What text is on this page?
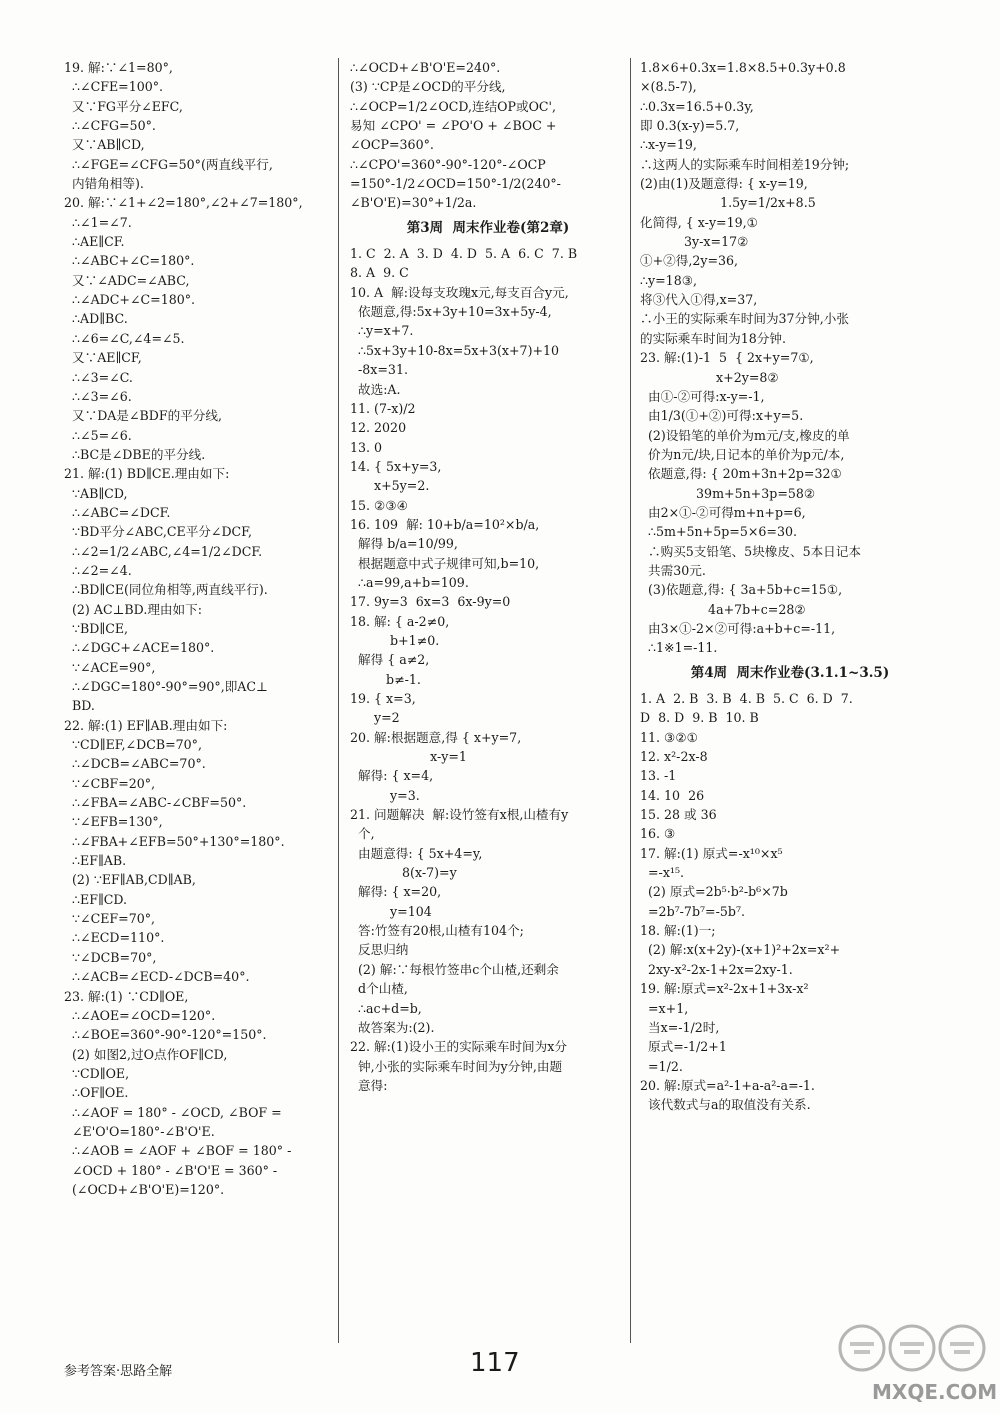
19. 解:∵∠1=80°,
∴∠CFE=100°.
又∵FG平分∠EFC,
∴∠CFG=50°.
又∵AB∥CD,
∴∠FGE=∠CFG=50°(两直线平行,
内错角相等).
20. 解:∵∠1+∠2=180°,∠2+∠7=180°,
∴∠1=∠7.
∴AE∥CF.
∴∠ABC+∠C=180°.
又∵∠ADC=∠ABC,
∴∠ADC+∠C=180°.
∴AD∥BC.
∴∠6=∠C,∠4=∠5.
又∵AE∥CF,
∴∠3=∠C.
∴∠3=∠6.
又∵DA是∠BDF的平分线,
∴∠5=∠6.
∴BC是∠DBE的平分线.
21. 解:(1) BD∥CE.理由如下:
∵AB∥CD,
∴∠ABC=∠DCF.
∵BD平分∠ABC,CE平分∠DCF,
∴∠2=1/2∠ABC,∠4=1/2∠DCF.
∴∠2=∠4.
∴BD∥CE(同位角相等,两直线平行).
(2) AC⊥BD.理由如下:
∵BD∥CE,
∴∠DGC+∠ACE=180°.
∵∠ACE=90°,
∴∠DGC=180°-90°=90°,即AC⊥
BD.
22. 解:(1) EF∥AB.理由如下:
∵CD∥EF,∠DCB=70°,
∴∠DCB=∠ABC=70°.
∵∠CBF=20°,
∴∠FBA=∠ABC-∠CBF=50°.
∵∠EFB=130°,
∴∠FBA+∠EFB=50°+130°=180°.
∴EF∥AB.
(2) ∵EF∥AB,CD∥AB,
∴EF∥CD.
∵∠CEF=70°,
∴∠ECD=110°.
∵∠DCB=70°,
∴∠ACB=∠ECD-∠DCB=40°.
23. 解:(1) ∵CD∥OE,
∴∠AOE=∠OCD=120°.
∴∠BOE=360°-90°-120°=150°.
(2) 如图2,过O点作OF∥CD,
∵CD∥OE,
∴OF∥OE.
∴∠AOF = 180° - ∠OCD, ∠BOF =
∠E'O'O=180°-∠B'O'E.
∴∠AOB = ∠AOF + ∠BOF = 180° -
∠OCD + 180° - ∠B'O'E = 360° -
(∠OCD+∠B'O'E)=120°.
∴∠OCD+∠B'O'E=240°.
(3) ∵CP是∠OCD的平分线,
∴∠OCP=1/2∠OCD,连结OP或OC',
易知 ∠CPO' = ∠PO'O + ∠BOC +
∠OCP=360°.
∴∠CPO'=360°-90°-120°-∠OCP
=150°-1/2∠OCD=150°-1/2(240°-
∠B'O'E)=30°+1/2a.
第3周  周末作业卷(第2章)
1. C  2. A  3. D  4. D  5. A  6. C  7. B
8. A  9. C
10. A  解:设每支玫瑰x元,每支百合y元,
依题意,得:5x+3y+10=3x+5y-4,
∴y=x+7.
∴5x+3y+10-8x=5x+3(x+7)+10
-8x=31.
故选:A.
11. (7-x)/2
12. 2020
13. 0
14. { 5x+y=3,
x+5y=2.
15. ②③④
16. 109  解: 10+b/a=10²×b/a,
解得 b/a=10/99,
根据题意中式子规律可知,b=10,
∴a=99,a+b=109.
17. 9y=3  6x=3  6x-9y=0
18. 解: { a-2≠0,
b+1≠0.
解得 { a≠2,
b≠-1.
19. { x=3,
y=2
20. 解:根据题意,得 { x+y=7,
x-y=1
解得: { x=4,
y=3.
21. 问题解决  解:设竹签有x根,山楂有y
个,
由题意得: { 5x+4=y,
8(x-7)=y
解得: { x=20,
y=104
答:竹签有20根,山楂有104个;
反思归纳
(2) 解:∵每根竹签串c个山楂,还剩余
d个山楂,
∴ac+d=b,
故答案为:(2).
22. 解:(1)设小王的实际乘车时间为x分
钟,小张的实际乘车时间为y分钟,由题
意得:
1.8×6+0.3x=1.8×8.5+0.3y+0.8
×(8.5-7),
∴0.3x=16.5+0.3y,
即 0.3(x-y)=5.7,
∴x-y=19,
∴这两人的实际乘车时间相差19分钟;
(2)由(1)及题意得: { x-y=19,
1.5y=1/2x+8.5
化简得, { x-y=19,①
3y-x=17②
①+②得,2y=36,
∴y=18③,
将③代入①得,x=37,
∴小王的实际乘车时间为37分钟,小张
的实际乘车时间为18分钟.
23. 解:(1)-1  5  { 2x+y=7①,
x+2y=8②
由①-②可得:x-y=-1,
由1/3(①+②)可得:x+y=5.
(2)设铅笔的单价为m元/支,橡皮的单
价为n元/块,日记本的单价为p元/本,
依题意,得: { 20m+3n+2p=32①
39m+5n+3p=58②
由2×①-②可得m+n+p=6,
∴5m+5n+5p=5×6=30.
∴购买5支铅笔、5块橡皮、5本日记本
共需30元.
(3)依题意,得: { 3a+5b+c=15①,
4a+7b+c=28②
由3×①-2×②可得:a+b+c=-11,
∴1※1=-11.
第4周  周末作业卷(3.1.1~3.5)
1. A  2. B  3. B  4. B  5. C  6. D  7.
D  8. D  9. B  10. B
11. ③②①
12. x²-2x-8
13. -1
14. 10  26
15. 28 或 36
16. ③
17. 解:(1) 原式=-x¹⁰×x⁵
=-x¹⁵.
(2) 原式=2b⁵·b²-b⁶×7b
=2b⁷-7b⁷=-5b⁷.
18. 解:(1)一;
(2) 解:x(x+2y)-(x+1)²+2x=x²+
2xy-x²-2x-1+2x=2xy-1.
19. 解:原式=x²-2x+1+3x-x²
=x+1,
当x=-1/2时,
原式=-1/2+1
=1/2.
20. 解:原式=a²-1+a-a²-a=-1.
该代数式与a的取值没有关系.
参考答案·思路全解	117
MXQE.COM
